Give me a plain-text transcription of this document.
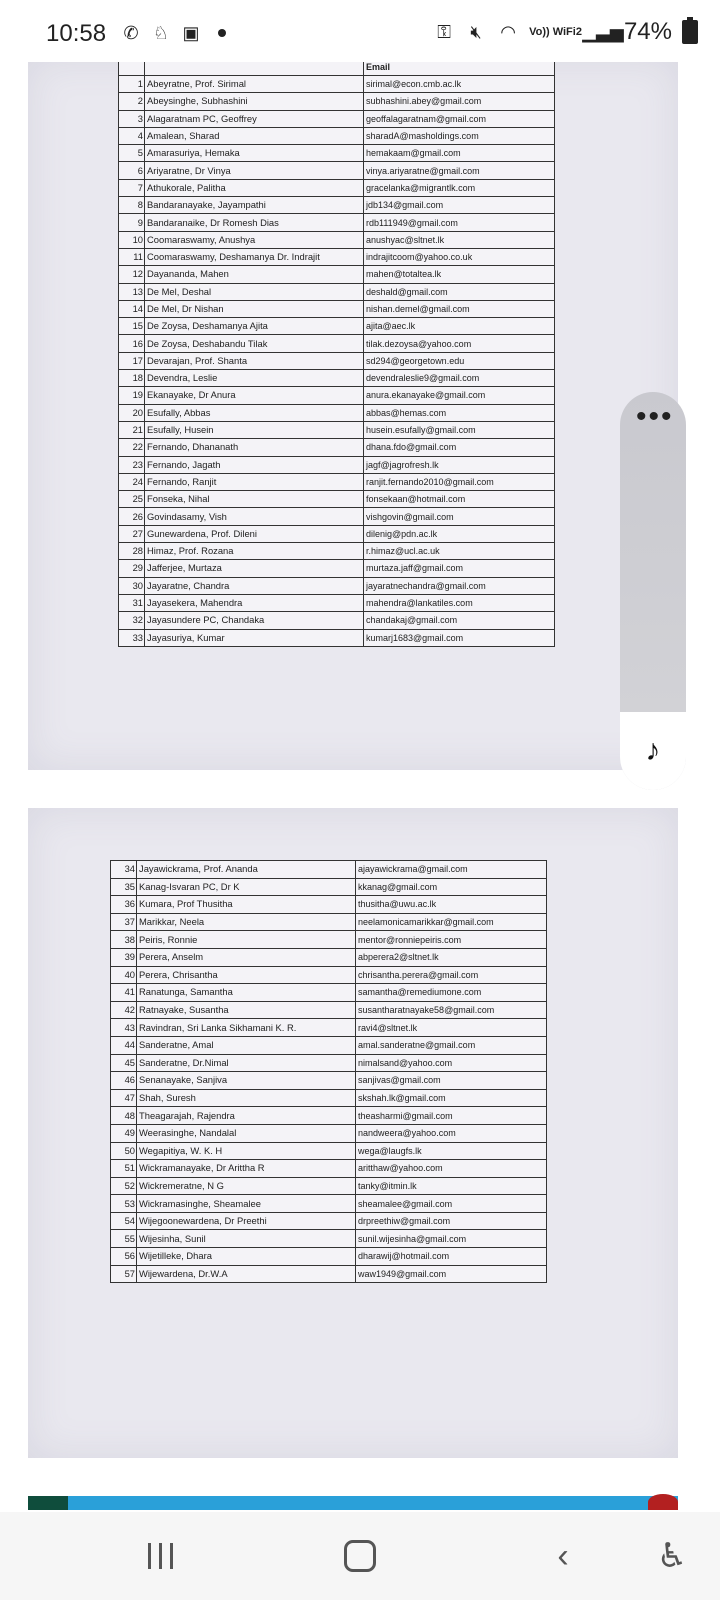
10:58 ✆ ♘ ▣	⚿ 🔇︎ ◠ Vo)) WiFi2 ▁▃▅ 74%
		Email
1	Abeyratne, Prof. Sirimal	sirimal@econ.cmb.ac.lk
2	Abeysinghe, Subhashini	subhashini.abey@gmail.com
3	Alagaratnam PC, Geoffrey	geoffalagaratnam@gmail.com
4	Amalean, Sharad	sharadA@masholdings.com
5	Amarasuriya, Hemaka	hemakaam@gmail.com
6	Ariyaratne, Dr Vinya	vinya.ariyaratne@gmail.com
7	Athukorale, Palitha	gracelanka@migrantlk.com
8	Bandaranayake, Jayampathi	jdb134@gmail.com
9	Bandaranaike, Dr Romesh Dias	rdb111949@gmail.com
10	Coomaraswamy, Anushya	anushyac@sltnet.lk
11	Coomaraswamy, Deshamanya Dr. Indrajit	indrajitcoom@yahoo.co.uk
12	Dayananda, Mahen	mahen@totaltea.lk
13	De Mel, Deshal	deshald@gmail.com
14	De Mel, Dr Nishan	nishan.demel@gmail.com
15	De Zoysa, Deshamanya Ajita	ajita@aec.lk
16	De Zoysa, Deshabandu Tilak	tilak.dezoysa@yahoo.com
17	Devarajan, Prof. Shanta	sd294@georgetown.edu
18	Devendra, Leslie	devendraleslie9@gmail.com
19	Ekanayake, Dr Anura	anura.ekanayake@gmail.com
20	Esufally, Abbas	abbas@hemas.com
21	Esufally, Husein	husein.esufally@gmail.com
22	Fernando, Dhananath	dhana.fdo@gmail.com
23	Fernando, Jagath	jagf@jagrofresh.lk
24	Fernando, Ranjit	ranjit.fernando2010@gmail.com
25	Fonseka, Nihal	fonsekaan@hotmail.com
26	Govindasamy, Vish	vishgovin@gmail.com
27	Gunewardena, Prof. Dileni	dilenig@pdn.ac.lk
28	Himaz, Prof. Rozana	r.himaz@ucl.ac.uk
29	Jafferjee, Murtaza	murtaza.jaff@gmail.com
30	Jayaratne, Chandra	jayaratnechandra@gmail.com
31	Jayasekera, Mahendra	mahendra@lankatiles.com
32	Jayasundere PC, Chandaka	chandakaj@gmail.com
33	Jayasuriya, Kumar	kumarj1683@gmail.com
34	Jayawickrama, Prof. Ananda	ajayawickrama@gmail.com
35	Kanag-Isvaran PC, Dr K	kkanag@gmail.com
36	Kumara, Prof Thusitha	thusitha@uwu.ac.lk
37	Marikkar, Neela	neelamonicamarikkar@gmail.com
38	Peiris, Ronnie	mentor@ronniepeiris.com
39	Perera, Anselm	abperera2@sltnet.lk
40	Perera, Chrisantha	chrisantha.perera@gmail.com
41	Ranatunga, Samantha	samantha@remediumone.com
42	Ratnayake, Susantha	susantharatnayake58@gmail.com
43	Ravindran, Sri Lanka Sikhamani K. R.	ravi4@sltnet.lk
44	Sanderatne, Amal	amal.sanderatne@gmail.com
45	Sanderatne, Dr.Nimal	nimalsand@yahoo.com
46	Senanayake, Sanjiva	sanjivas@gmail.com
47	Shah, Suresh	skshah.lk@gmail.com
48	Theagarajah, Rajendra	theasharmi@gmail.com
49	Weerasinghe, Nandalal	nandweera@yahoo.com
50	Wegapitiya, W. K. H	wega@laugfs.lk
51	Wickramanayake, Dr Arittha R	aritthaw@yahoo.com
52	Wickremeratne, N G	tanky@itmin.lk
53	Wickramasinghe, Sheamalee	sheamalee@gmail.com
54	Wijegoonewardena, Dr Preethi	drpreethiw@gmail.com
55	Wijesinha, Sunil	sunil.wijesinha@gmail.com
56	Wijetilleke, Dhara	dharawij@hotmail.com
57	Wijewardena, Dr.W.A	waw1949@gmail.com
•••
♪
‹	♿︎
